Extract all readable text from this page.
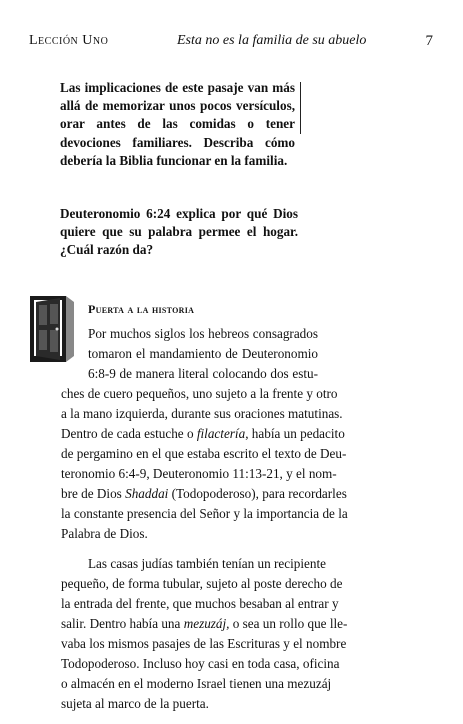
Lección Uno	Esta no es la familia de su abuelo	7
Las implicaciones de este pasaje van más allá de memorizar unos pocos versículos, orar antes de las comidas o tener devociones familiares. Describa cómo debería la Biblia funcionar en la familia.
Deuteronomio 6:24 explica por qué Dios quiere que su palabra permee el hogar. ¿Cuál razón da?
Puerta a la historia
Por muchos siglos los hebreos consagrados
tomaron el mandamiento de Deuteronomio
6:8-9 de manera literal colocando dos estu-
ches de cuero pequeños, uno sujeto a la frente y otro
a la mano izquierda, durante sus oraciones matutinas.
Dentro de cada estuche o filactería, había un pedacito
de pergamino en el que estaba escrito el texto de Deu-
teronomio 6:4-9, Deuteronomio 11:13-21, y el nom-
bre de Dios Shaddai (Todopoderoso), para recordarles
la constante presencia del Señor y la importancia de la
Palabra de Dios.
Las casas judías también tenían un recipiente
pequeño, de forma tubular, sujeto al poste derecho de
la entrada del frente, que muchos besaban al entrar y
salir. Dentro había una mezuzáj, o sea un rollo que lle-
vaba los mismos pasajes de las Escrituras y el nombre
Todopoderoso. Incluso hoy casi en toda casa, oficina
o almacén en el moderno Israel tienen una mezuzáj
sujeta al marco de la puerta.
